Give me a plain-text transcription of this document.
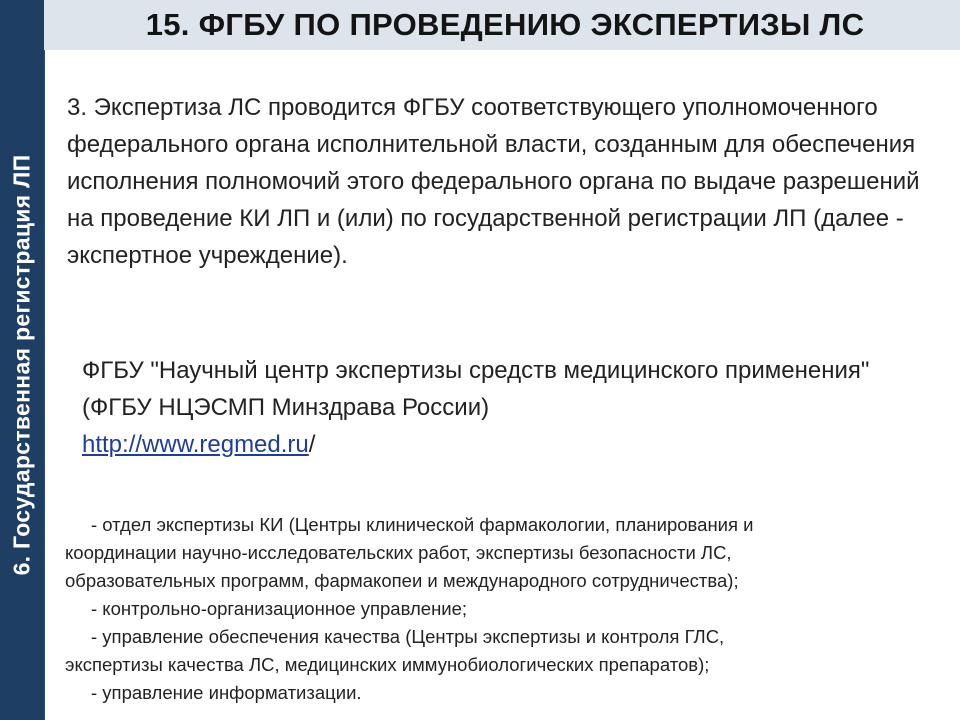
6. Государственная регистрация ЛП
15. ФГБУ ПО ПРОВЕДЕНИЮ ЭКСПЕРТИЗЫ ЛС

3. Экспертиза ЛС проводится ФГБУ соответствующего уполномоченного федерального органа исполнительной власти, созданным для обеспечения исполнения полномочий этого федерального органа по выдаче разрешений на проведение КИ ЛП и (или) по государственной регистрации ЛП (далее - экспертное учреждение).

ФГБУ "Научный центр экспертизы средств медицинского применения" (ФГБУ НЦЭСМП Минздрава России)
http://www.regmed.ru/

- отдел экспертизы КИ (Центры клинической фармакологии, планирования и
координации научно-исследовательских работ, экспертизы безопасности ЛС,
образовательных программ, фармакопеи и международного сотрудничества);
- контрольно-организационное управление;
- управление обеспечения качества (Центры экспертизы и контроля ГЛС,
экспертизы качества ЛС, медицинских иммунобиологических препаратов);
- управление информатизации.
